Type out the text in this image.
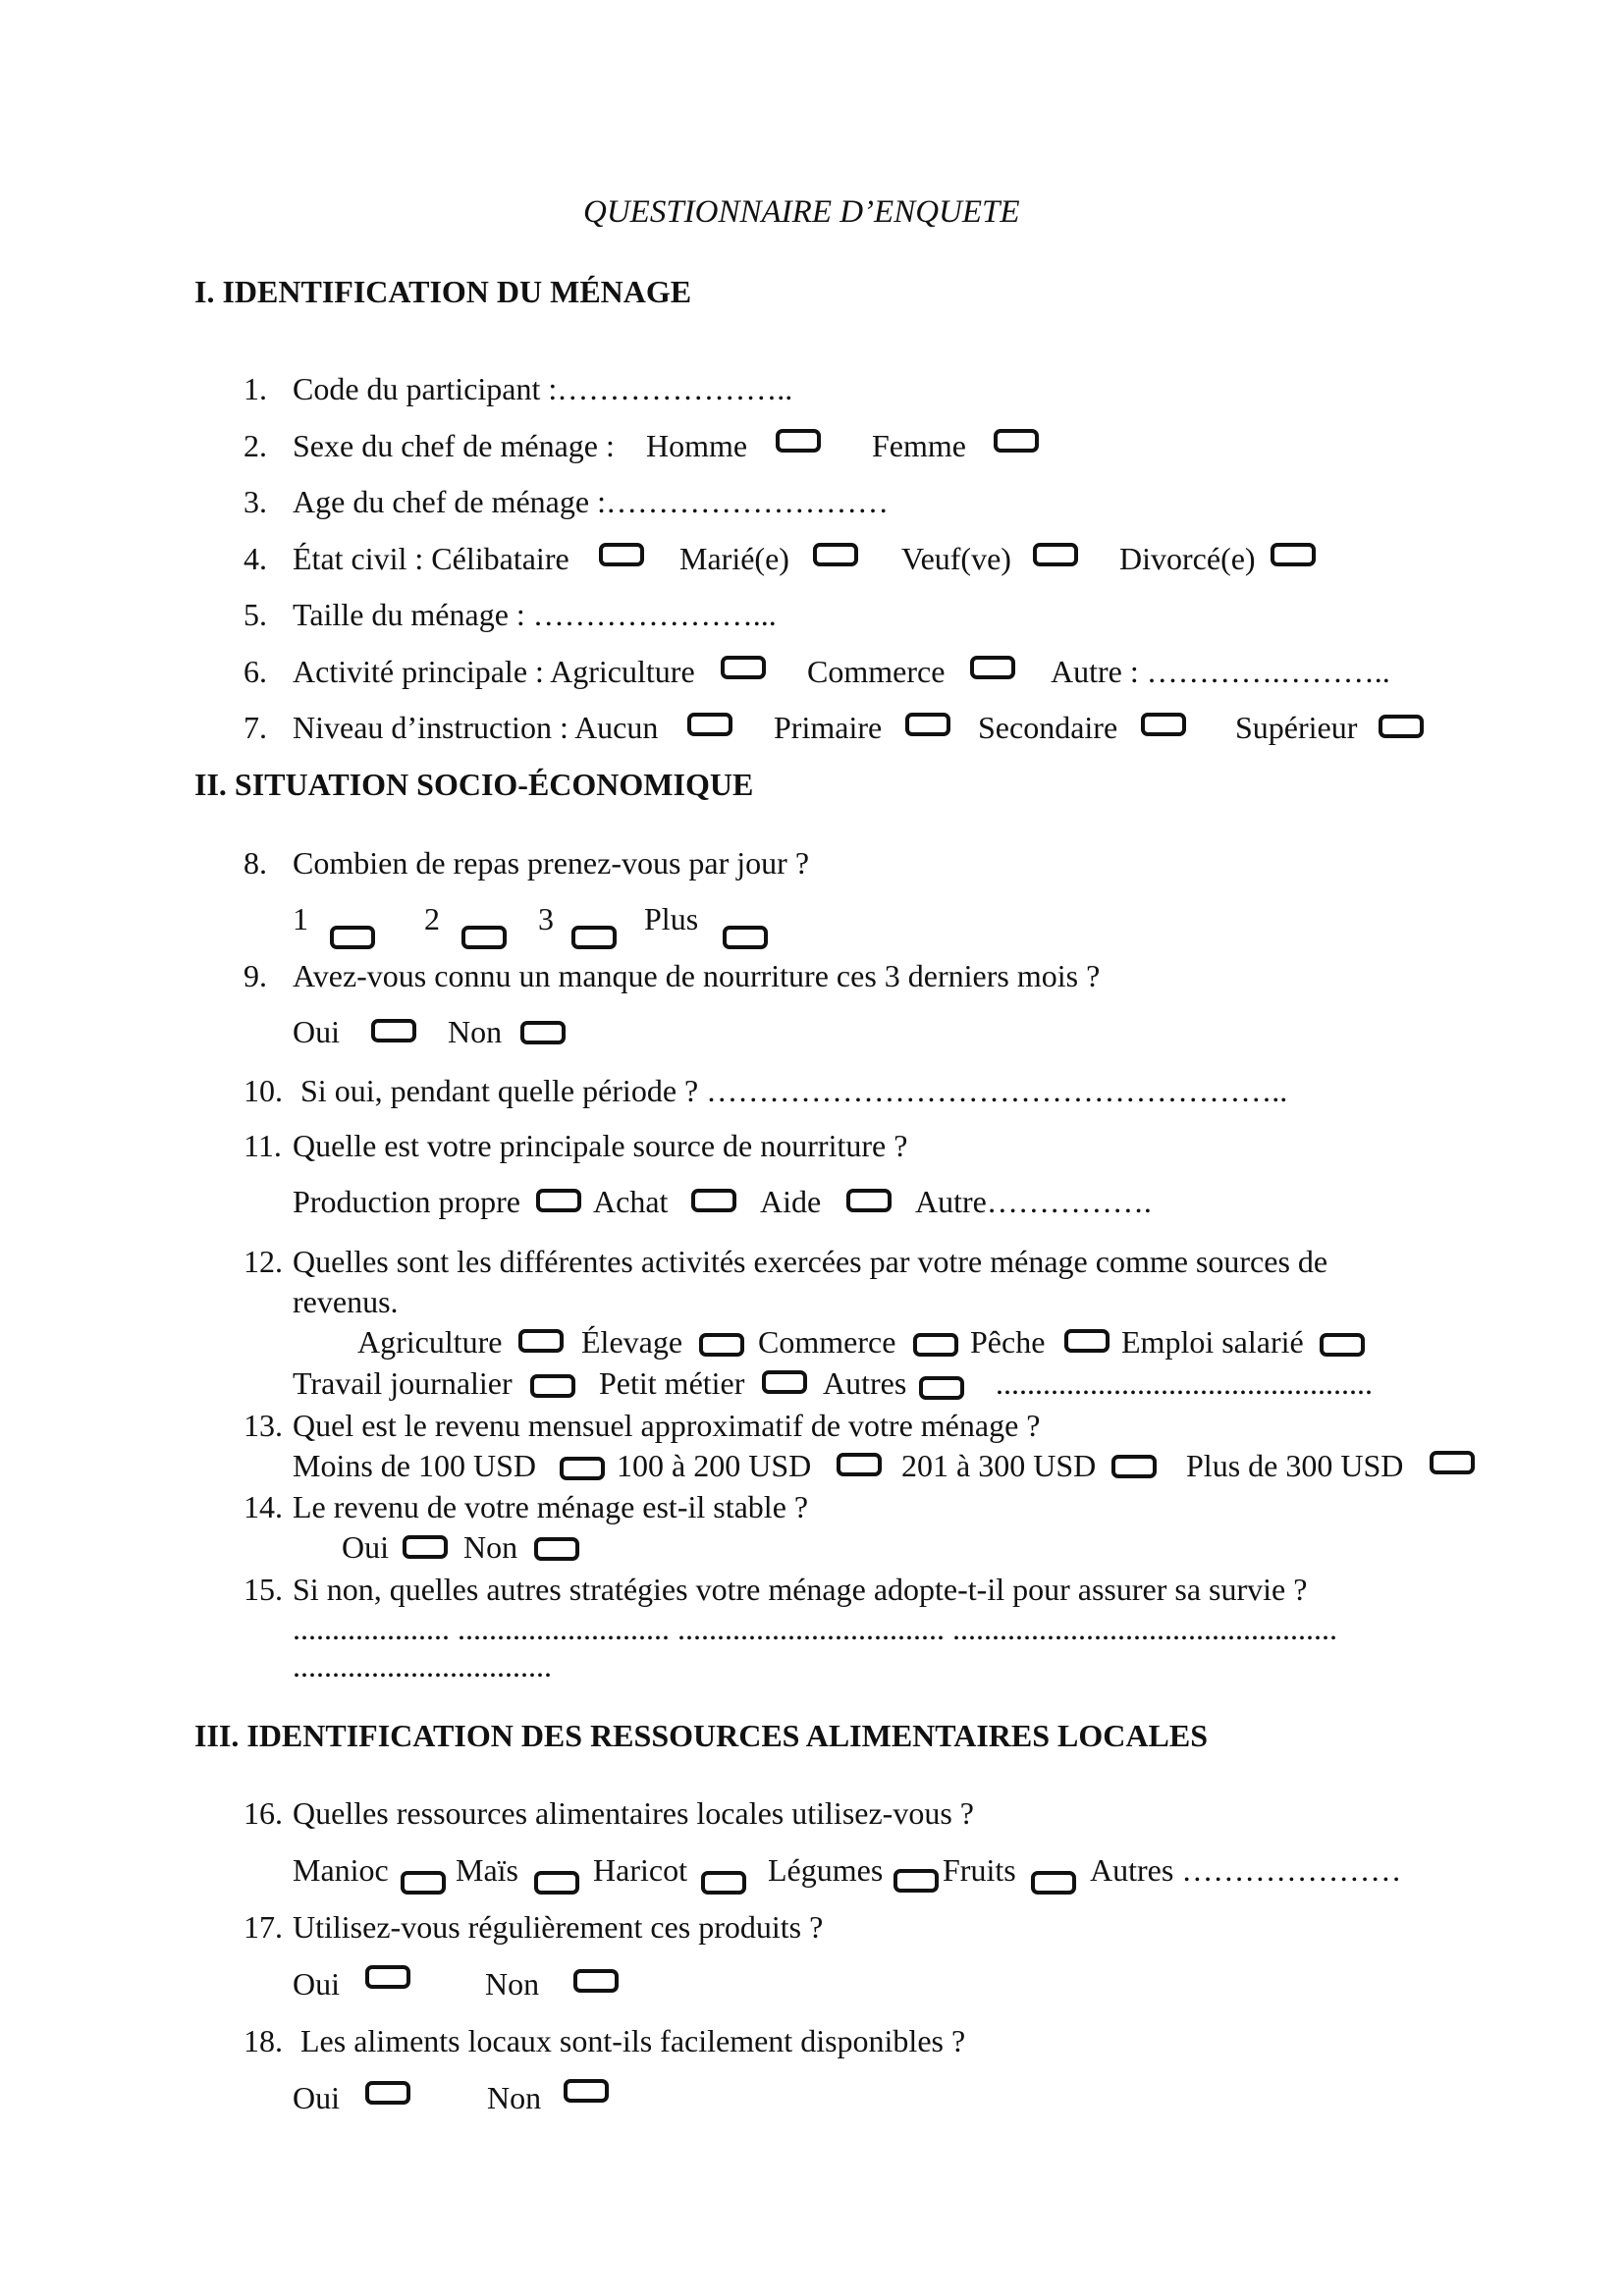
QUESTIONNAIRE D’ENQUETE
I. IDENTIFICATION DU MÉNAGE
1. Code du participant :…………………..
2. Sexe du chef de ménage : Homme	Femme
3. Age du chef de ménage :………………………
4. État civil : Célibataire	Marié(e)	Veuf(ve)	Divorcé(e)
5. Taille du ménage : …………………...
6. Activité principale : Agriculture	Commerce	Autre : ………….………..
7. Niveau d’instruction : Aucun	Primaire	Secondaire	Supérieur
II. SITUATION SOCIO-ÉCONOMIQUE
8. Combien de repas prenez-vous par jour ?
1	2	3	Plus
9. Avez-vous connu un manque de nourriture ces 3 derniers mois ?
Oui	Non
10. Si oui, pendant quelle période ? ………………………………………………..
11. Quelle est votre principale source de nourriture ?
Production propre Achat	Aide	Autre…………….
12. Quelles sont les différentes activités exercées par votre ménage comme sources de
revenus.
Agriculture	Élevage Commerce Pêche Emploi salarié
Travail journalier	Petit métier Autres	................................................
13. Quel est le revenu mensuel approximatif de votre ménage ?
Moins de 100 USD	100 à 200 USD	201 à 300 USD	Plus de 300 USD
14. Le revenu de votre ménage est-il stable ?
Oui Non
15. Si non, quelles autres stratégies votre ménage adopte-t-il pour assurer sa survie ?
.................... ........................... .................................. .................................................
.................................
III. IDENTIFICATION DES RESSOURCES ALIMENTAIRES LOCALES
16. Quelles ressources alimentaires locales utilisez-vous ?
Manioc Maïs Haricot	Légumes Fruits Autres …………………
17. Utilisez-vous régulièrement ces produits ?
Oui	Non
18. Les aliments locaux sont-ils facilement disponibles ?
Oui	Non
